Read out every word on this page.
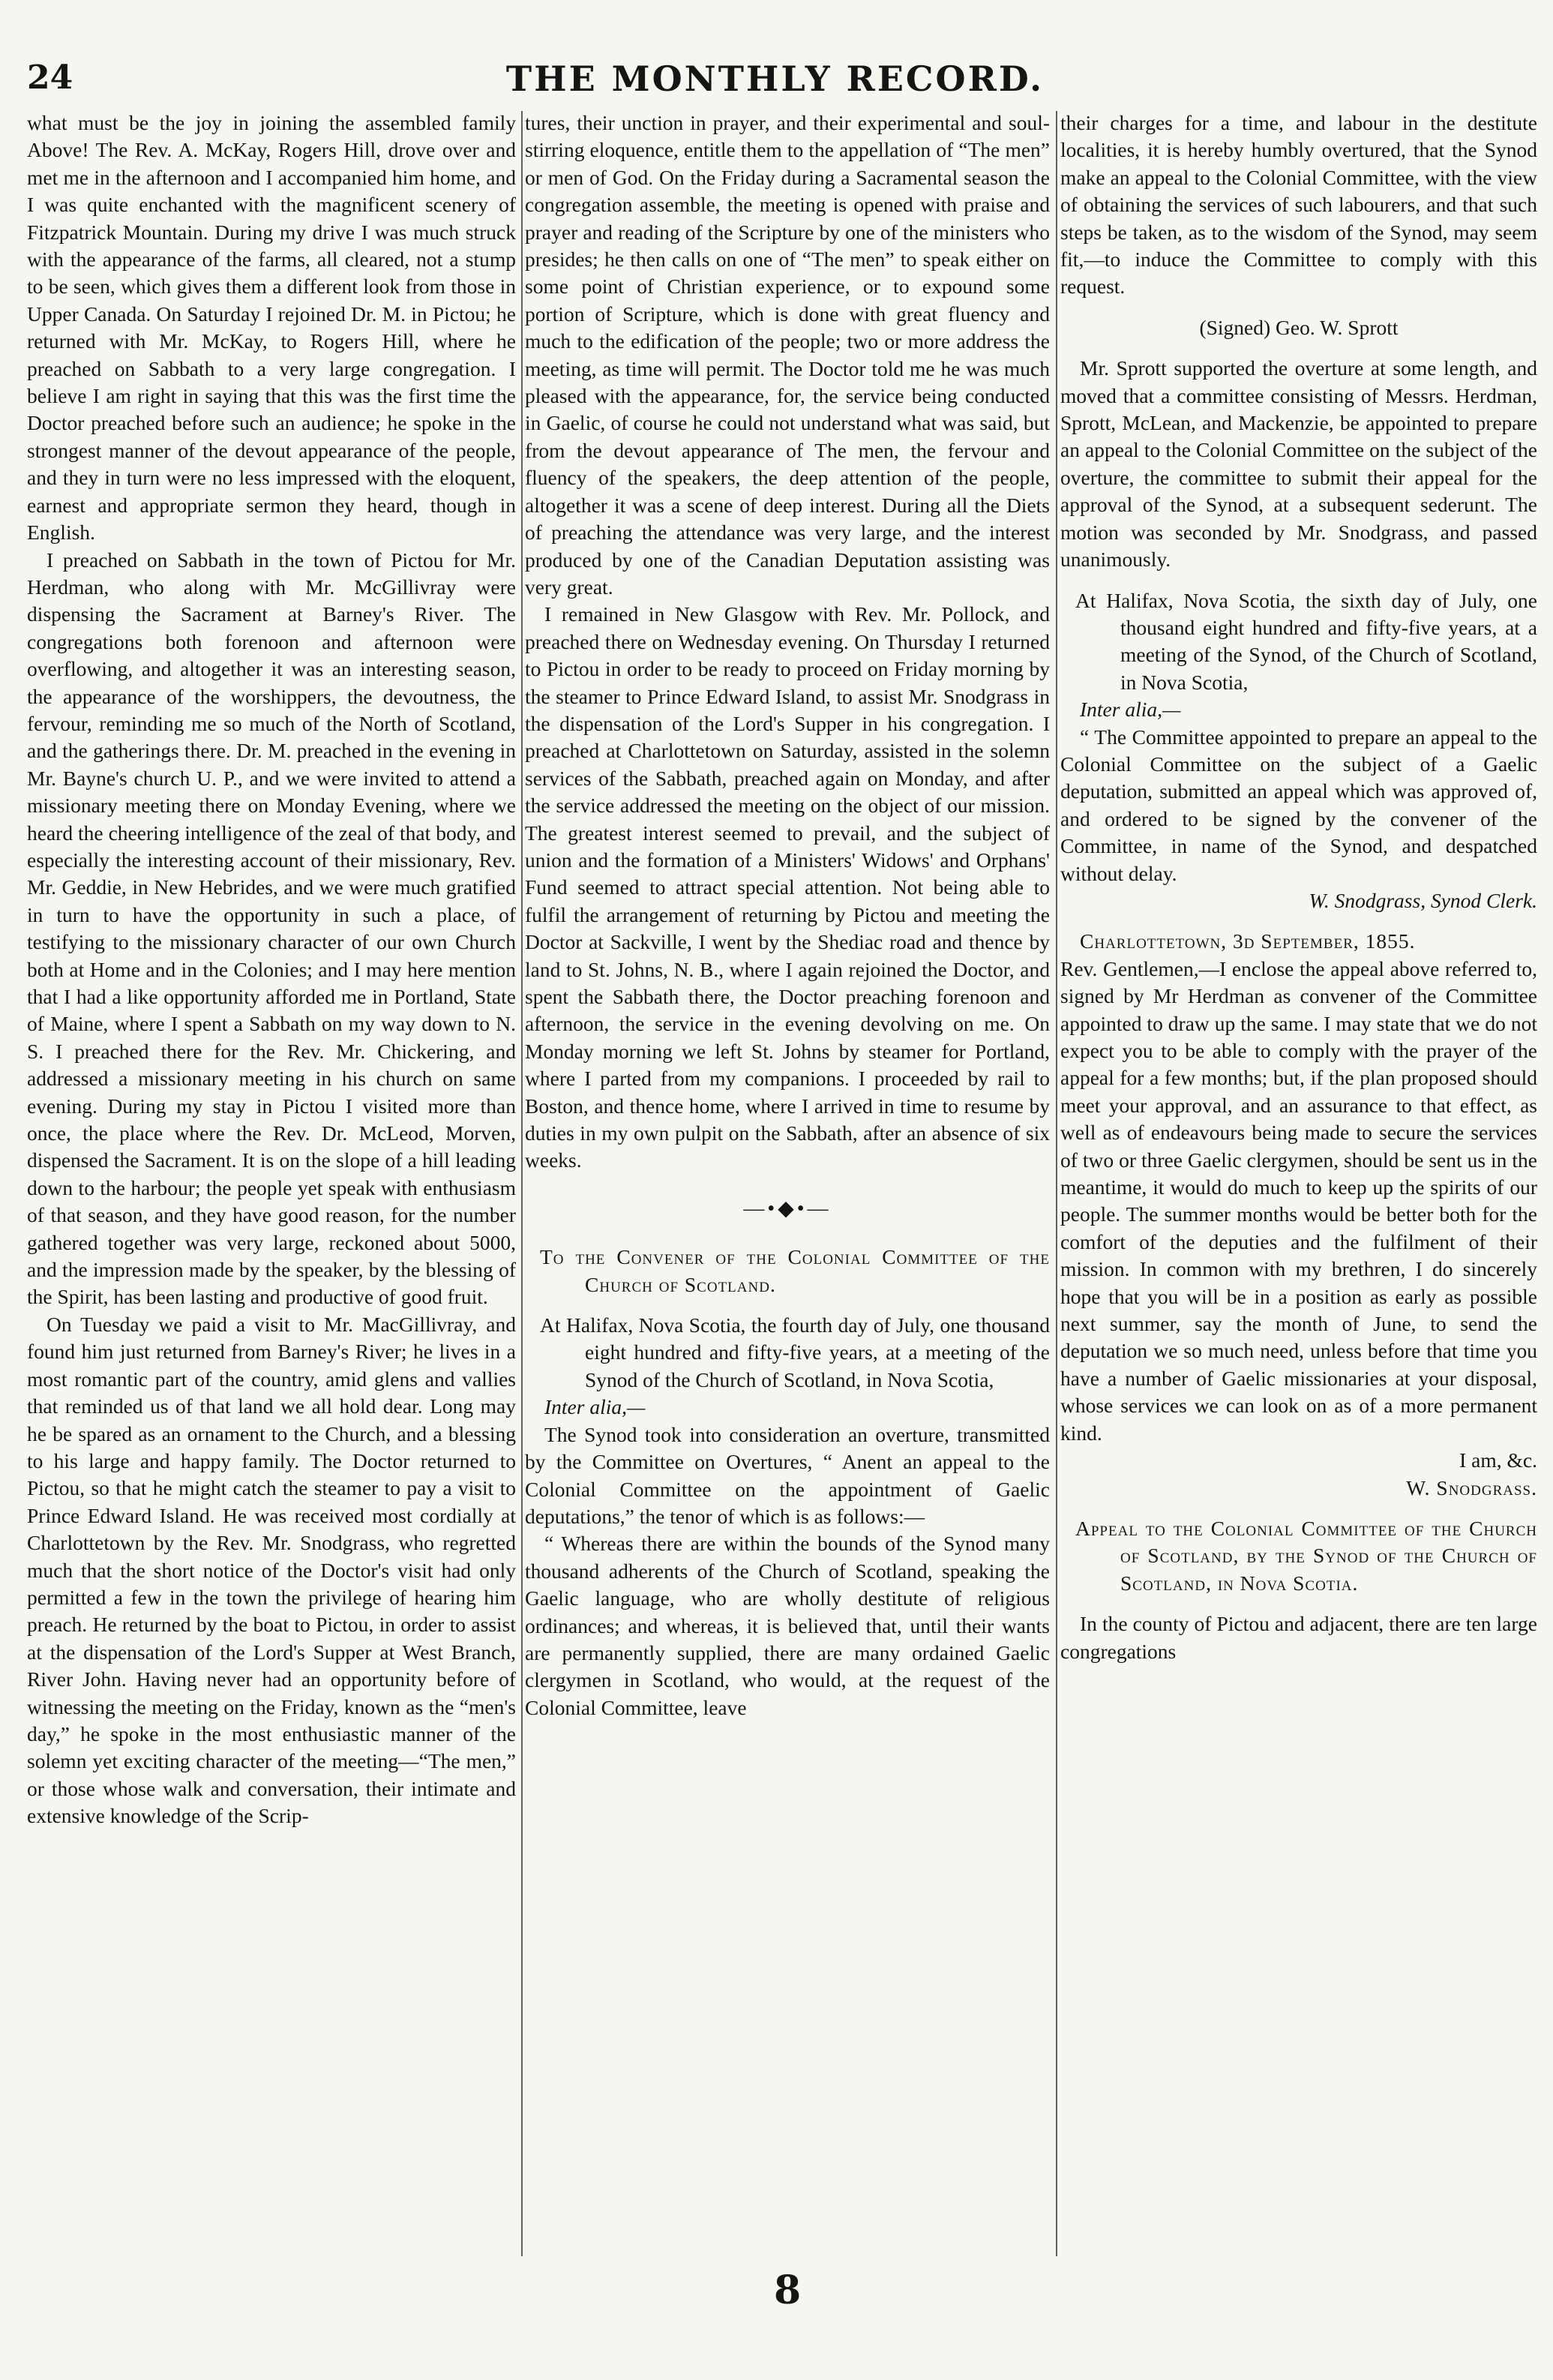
24	THE MONTHLY RECORD.

what must be the joy in joining the assembled family Above! The Rev. A. McKay, Rogers Hill, drove over and met me in the afternoon and I accompanied him home, and I was quite enchanted with the magnificent scenery of Fitzpatrick Mountain. During my drive I was much struck with the appearance of the farms, all cleared, not a stump to be seen, which gives them a different look from those in Upper Canada. On Saturday I rejoined Dr. M. in Pictou; he returned with Mr. McKay, to Rogers Hill, where he preached on Sabbath to a very large congregation. I believe I am right in saying that this was the first time the Doctor preached before such an audience; he spoke in the strongest manner of the devout appearance of the people, and they in turn were no less impressed with the eloquent, earnest and appropriate sermon they heard, though in English.

I preached on Sabbath in the town of Pictou for Mr. Herdman, who along with Mr. McGillivray were dispensing the Sacrament at Barney's River. The congregations both forenoon and afternoon were overflowing, and altogether it was an interesting season, the appearance of the worshippers, the devoutness, the fervour, reminding me so much of the North of Scotland, and the gatherings there. Dr. M. preached in the evening in Mr. Bayne's church U. P., and we were invited to attend a missionary meeting there on Monday Evening, where we heard the cheering intelligence of the zeal of that body, and especially the interesting account of their missionary, Rev. Mr. Geddie, in New Hebrides, and we were much gratified in turn to have the opportunity in such a place, of testifying to the missionary character of our own Church both at Home and in the Colonies; and I may here mention that I had a like opportunity afforded me in Portland, State of Maine, where I spent a Sabbath on my way down to N. S. I preached there for the Rev. Mr. Chickering, and addressed a missionary meeting in his church on same evening. During my stay in Pictou I visited more than once, the place where the Rev. Dr. McLeod, Morven, dispensed the Sacrament. It is on the slope of a hill leading down to the harbour; the people yet speak with enthusiasm of that season, and they have good reason, for the number gathered together was very large, reckoned about 5000, and the impression made by the speaker, by the blessing of the Spirit, has been lasting and productive of good fruit.

On Tuesday we paid a visit to Mr. MacGillivray, and found him just returned from Barney's River; he lives in a most romantic part of the country, amid glens and vallies that reminded us of that land we all hold dear. Long may he be spared as an ornament to the Church, and a blessing to his large and happy family. The Doctor returned to Pictou, so that he might catch the steamer to pay a visit to Prince Edward Island. He was received most cordially at Charlottetown by the Rev. Mr. Snodgrass, who regretted much that the short notice of the Doctor's visit had only permitted a few in the town the privilege of hearing him preach. He returned by the boat to Pictou, in order to assist at the dispensation of the Lord's Supper at West Branch, River John. Having never had an opportunity before of witnessing the meeting on the Friday, known as the “men's day,” he spoke in the most enthusiastic manner of the solemn yet exciting character of the meeting—“The men,” or those whose walk and conversation, their intimate and extensive knowledge of the Scrip-

tures, their unction in prayer, and their experimental and soul-stirring eloquence, entitle them to the appellation of “The men” or men of God. On the Friday during a Sacramental season the congregation assemble, the meeting is opened with praise and prayer and reading of the Scripture by one of the ministers who presides; he then calls on one of “The men” to speak either on some point of Christian experience, or to expound some portion of Scripture, which is done with great fluency and much to the edification of the people; two or more address the meeting, as time will permit. The Doctor told me he was much pleased with the appearance, for, the service being conducted in Gaelic, of course he could not understand what was said, but from the devout appearance of The men, the fervour and fluency of the speakers, the deep attention of the people, altogether it was a scene of deep interest. During all the Diets of preaching the attendance was very large, and the interest produced by one of the Canadian Deputation assisting was very great.

I remained in New Glasgow with Rev. Mr. Pollock, and preached there on Wednesday evening. On Thursday I returned to Pictou in order to be ready to proceed on Friday morning by the steamer to Prince Edward Island, to assist Mr. Snodgrass in the dispensation of the Lord's Supper in his congregation. I preached at Charlottetown on Saturday, assisted in the solemn services of the Sabbath, preached again on Monday, and after the service addressed the meeting on the object of our mission. The greatest interest seemed to prevail, and the subject of union and the formation of a Ministers' Widows' and Orphans' Fund seemed to attract special attention. Not being able to fulfil the arrangement of returning by Pictou and meeting the Doctor at Sackville, I went by the Shediac road and thence by land to St. Johns, N. B., where I again rejoined the Doctor, and spent the Sabbath there, the Doctor preaching forenoon and afternoon, the service in the evening devolving on me. On Monday morning we left St. Johns by steamer for Portland, where I parted from my companions. I proceeded by rail to Boston, and thence home, where I arrived in time to resume by duties in my own pulpit on the Sabbath, after an absence of six weeks.

—•◆•—

To the Convener of the Colonial Committee of the Church of Scotland.

At Halifax, Nova Scotia, the fourth day of July, one thousand eight hundred and fifty-five years, at a meeting of the Synod of the Church of Scotland, in Nova Scotia,

Inter alia,—

The Synod took into consideration an overture, transmitted by the Committee on Overtures, “ Anent an appeal to the Colonial Committee on the appointment of Gaelic deputations,” the tenor of which is as follows:—

“ Whereas there are within the bounds of the Synod many thousand adherents of the Church of Scotland, speaking the Gaelic language, who are wholly destitute of religious ordinances; and whereas, it is believed that, until their wants are permanently supplied, there are many ordained Gaelic clergymen in Scotland, who would, at the request of the Colonial Committee, leave

their charges for a time, and labour in the destitute localities, it is hereby humbly overtured, that the Synod make an appeal to the Colonial Committee, with the view of obtaining the services of such labourers, and that such steps be taken, as to the wisdom of the Synod, may seem fit,—to induce the Committee to comply with this request.

(Signed) Geo. W. Sprott

Mr. Sprott supported the overture at some length, and moved that a committee consisting of Messrs. Herdman, Sprott, McLean, and Mackenzie, be appointed to prepare an appeal to the Colonial Committee on the subject of the overture, the committee to submit their appeal for the approval of the Synod, at a subsequent sederunt. The motion was seconded by Mr. Snodgrass, and passed unanimously.

At Halifax, Nova Scotia, the sixth day of July, one thousand eight hundred and fifty-five years, at a meeting of the Synod, of the Church of Scotland, in Nova Scotia,

Inter alia,—

“ The Committee appointed to prepare an appeal to the Colonial Committee on the subject of a Gaelic deputation, submitted an appeal which was approved of, and ordered to be signed by the convener of the Committee, in name of the Synod, and despatched without delay.

W. Snodgrass, Synod Clerk.

Charlottetown, 3d September, 1855.

Rev. Gentlemen,—I enclose the appeal above referred to, signed by Mr Herdman as convener of the Committee appointed to draw up the same. I may state that we do not expect you to be able to comply with the prayer of the appeal for a few months; but, if the plan proposed should meet your approval, and an assurance to that effect, as well as of endeavours being made to secure the services of two or three Gaelic clergymen, should be sent us in the meantime, it would do much to keep up the spirits of our people. The summer months would be better both for the comfort of the deputies and the fulfilment of their mission. In common with my brethren, I do sincerely hope that you will be in a position as early as possible next summer, say the month of June, to send the deputation we so much need, unless before that time you have a number of Gaelic missionaries at your disposal, whose services we can look on as of a more permanent kind.

I am, &c.

W. Snodgrass.

Appeal to the Colonial Committee of the Church of Scotland, by the Synod of the Church of Scotland, in Nova Scotia.

In the county of Pictou and adjacent, there are ten large congregations

8
